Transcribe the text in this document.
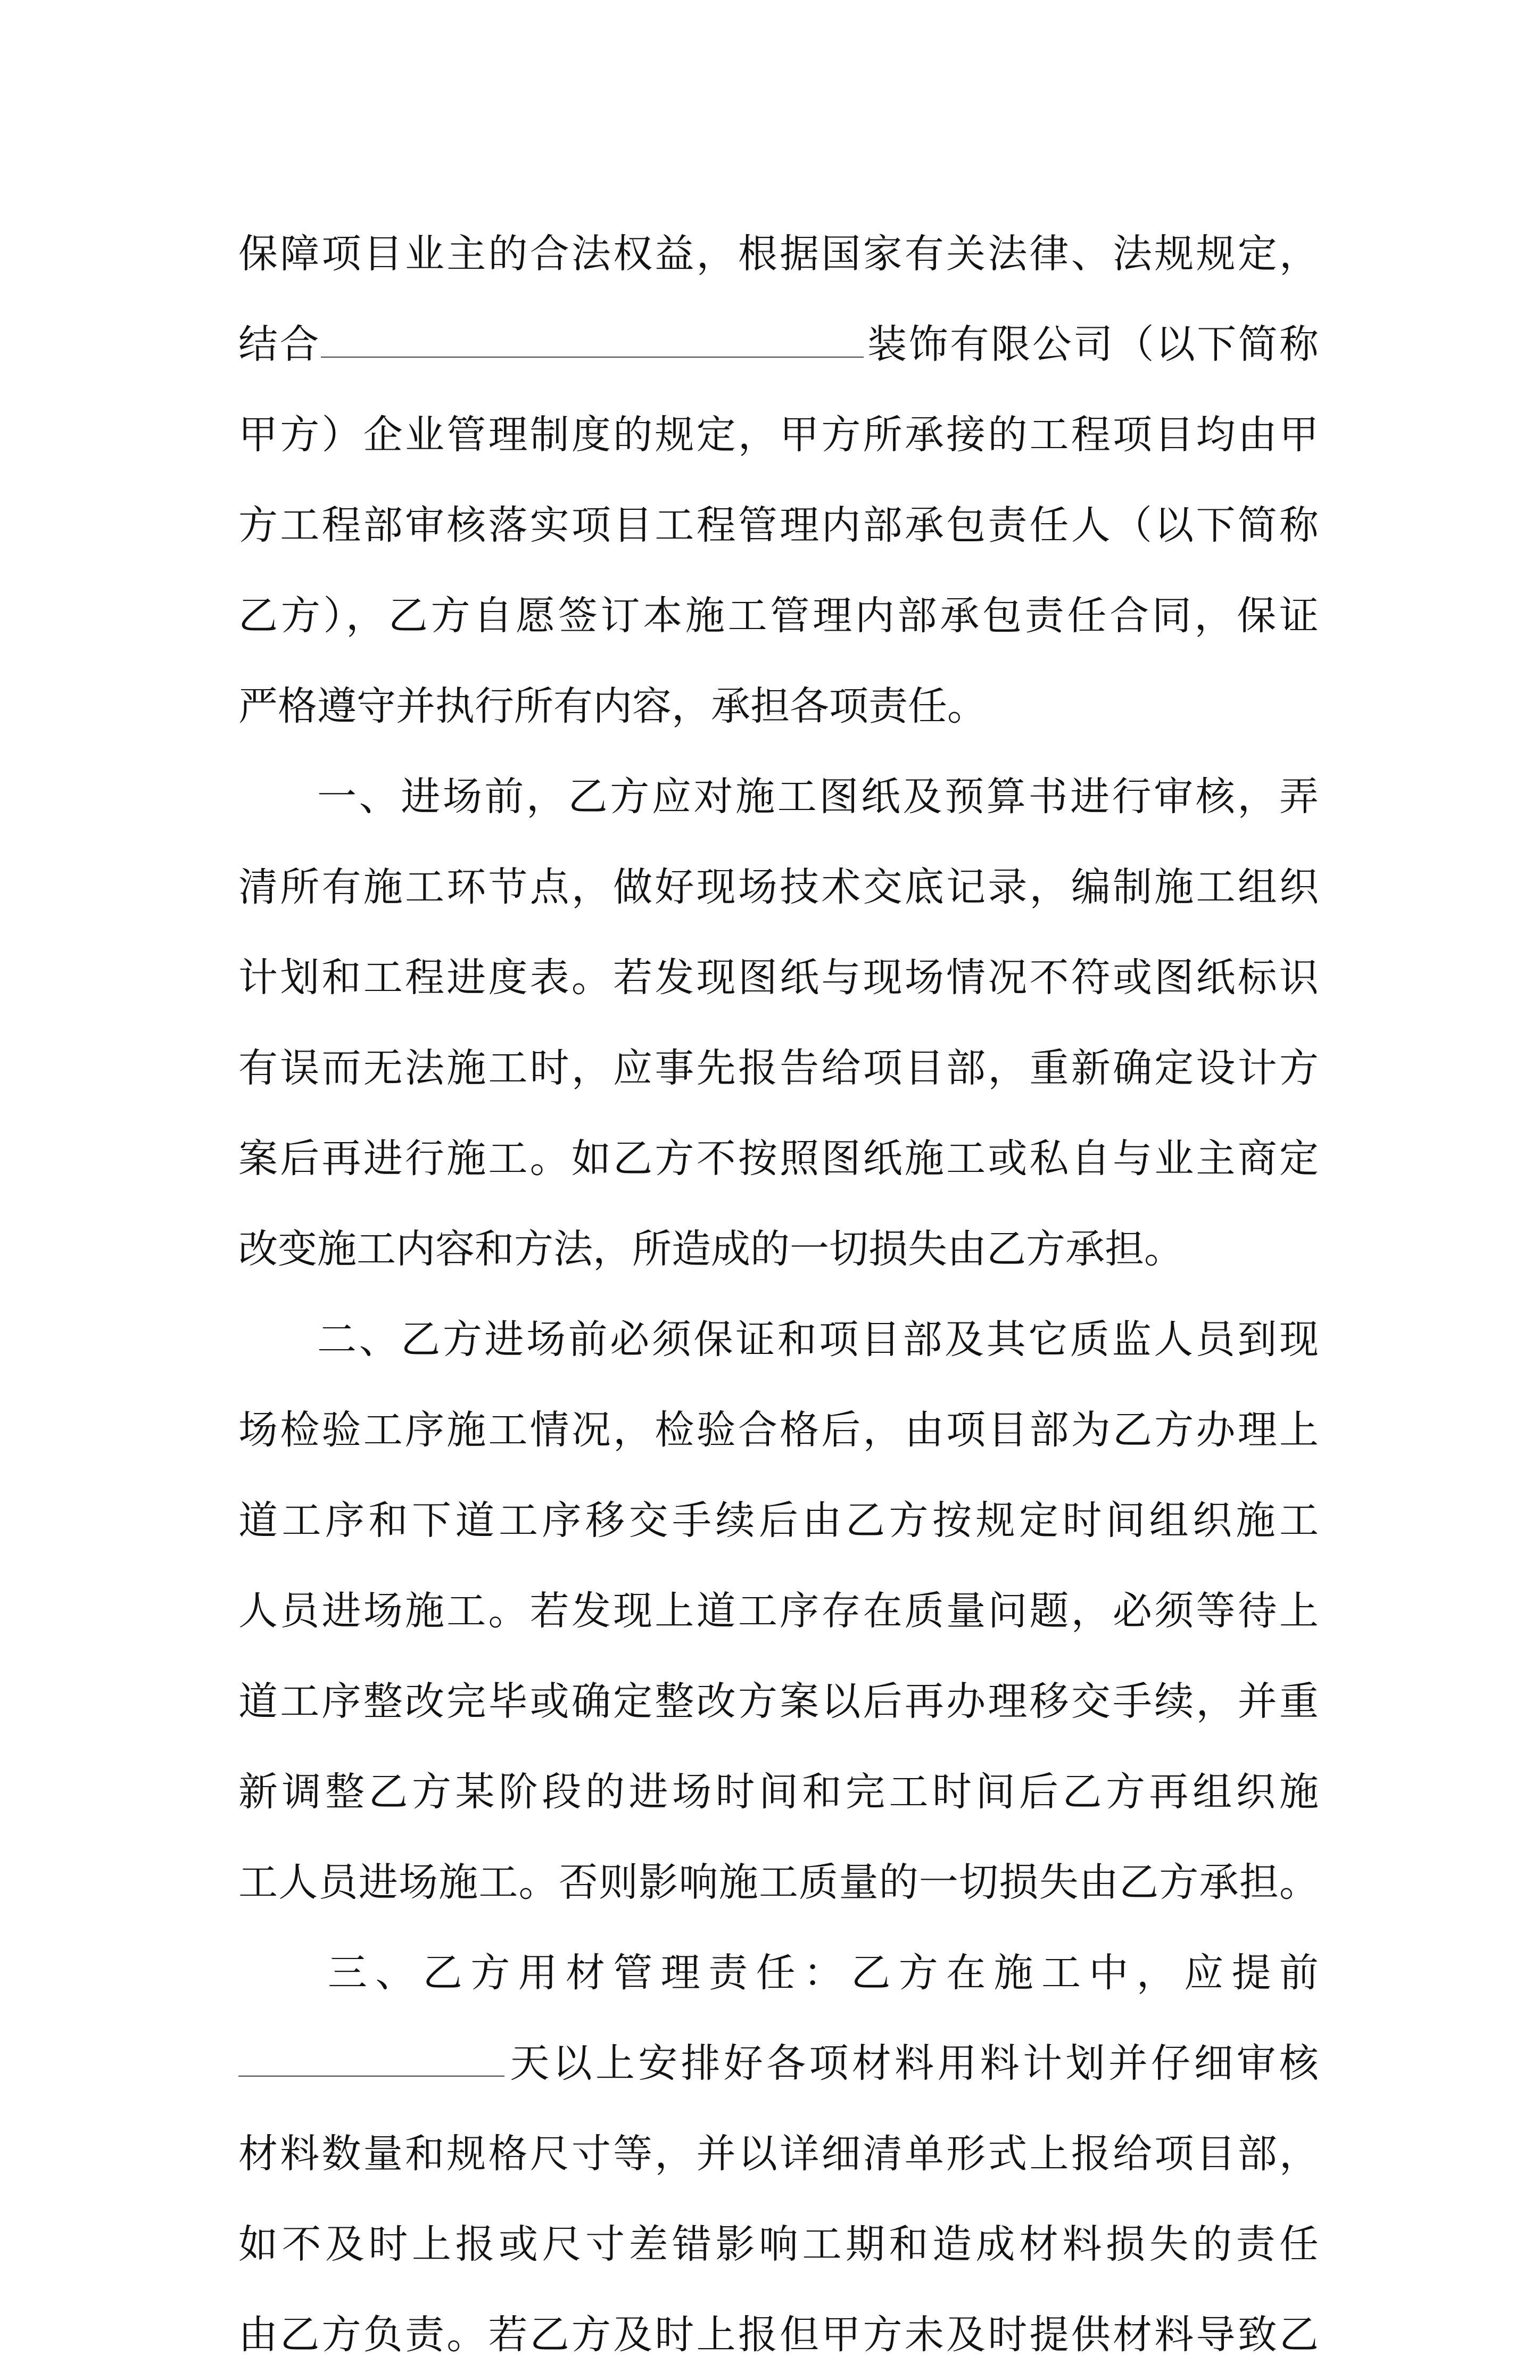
保障项目业主的合法权益，根据国家有关法律、法规规定，
结合	装饰有限公司（以下简称
甲方）企业管理制度的规定，甲方所承接的工程项目均由甲
方工程部审核落实项目工程管理内部承包责任人（以下简称
乙方），乙方自愿签订本施工管理内部承包责任合同，保证
严格遵守并执行所有内容，承担各项责任。
一、进场前，乙方应对施工图纸及预算书进行审核，弄
清所有施工环节点，做好现场技术交底记录，编制施工组织
计划和工程进度表。若发现图纸与现场情况不符或图纸标识
有误而无法施工时，应事先报告给项目部，重新确定设计方
案后再进行施工。如乙方不按照图纸施工或私自与业主商定
改变施工内容和方法，所造成的一切损失由乙方承担。
二、乙方进场前必须保证和项目部及其它质监人员到现
场检验工序施工情况，检验合格后，由项目部为乙方办理上
道工序和下道工序移交手续后由乙方按规定时间组织施工
人员进场施工。若发现上道工序存在质量问题，必须等待上
道工序整改完毕或确定整改方案以后再办理移交手续，并重
新调整乙方某阶段的进场时间和完工时间后乙方再组织施
工人员进场施工。否则影响施工质量的一切损失由乙方承担。
三、乙方用材管理责任：乙方在施工中，应提前
天以上安排好各项材料用料计划并仔细审核
材料数量和规格尺寸等，并以详细清单形式上报给项目部，
如不及时上报或尺寸差错影响工期和造成材料损失的责任
由乙方负责。若乙方及时上报但甲方未及时提供材料导致乙
